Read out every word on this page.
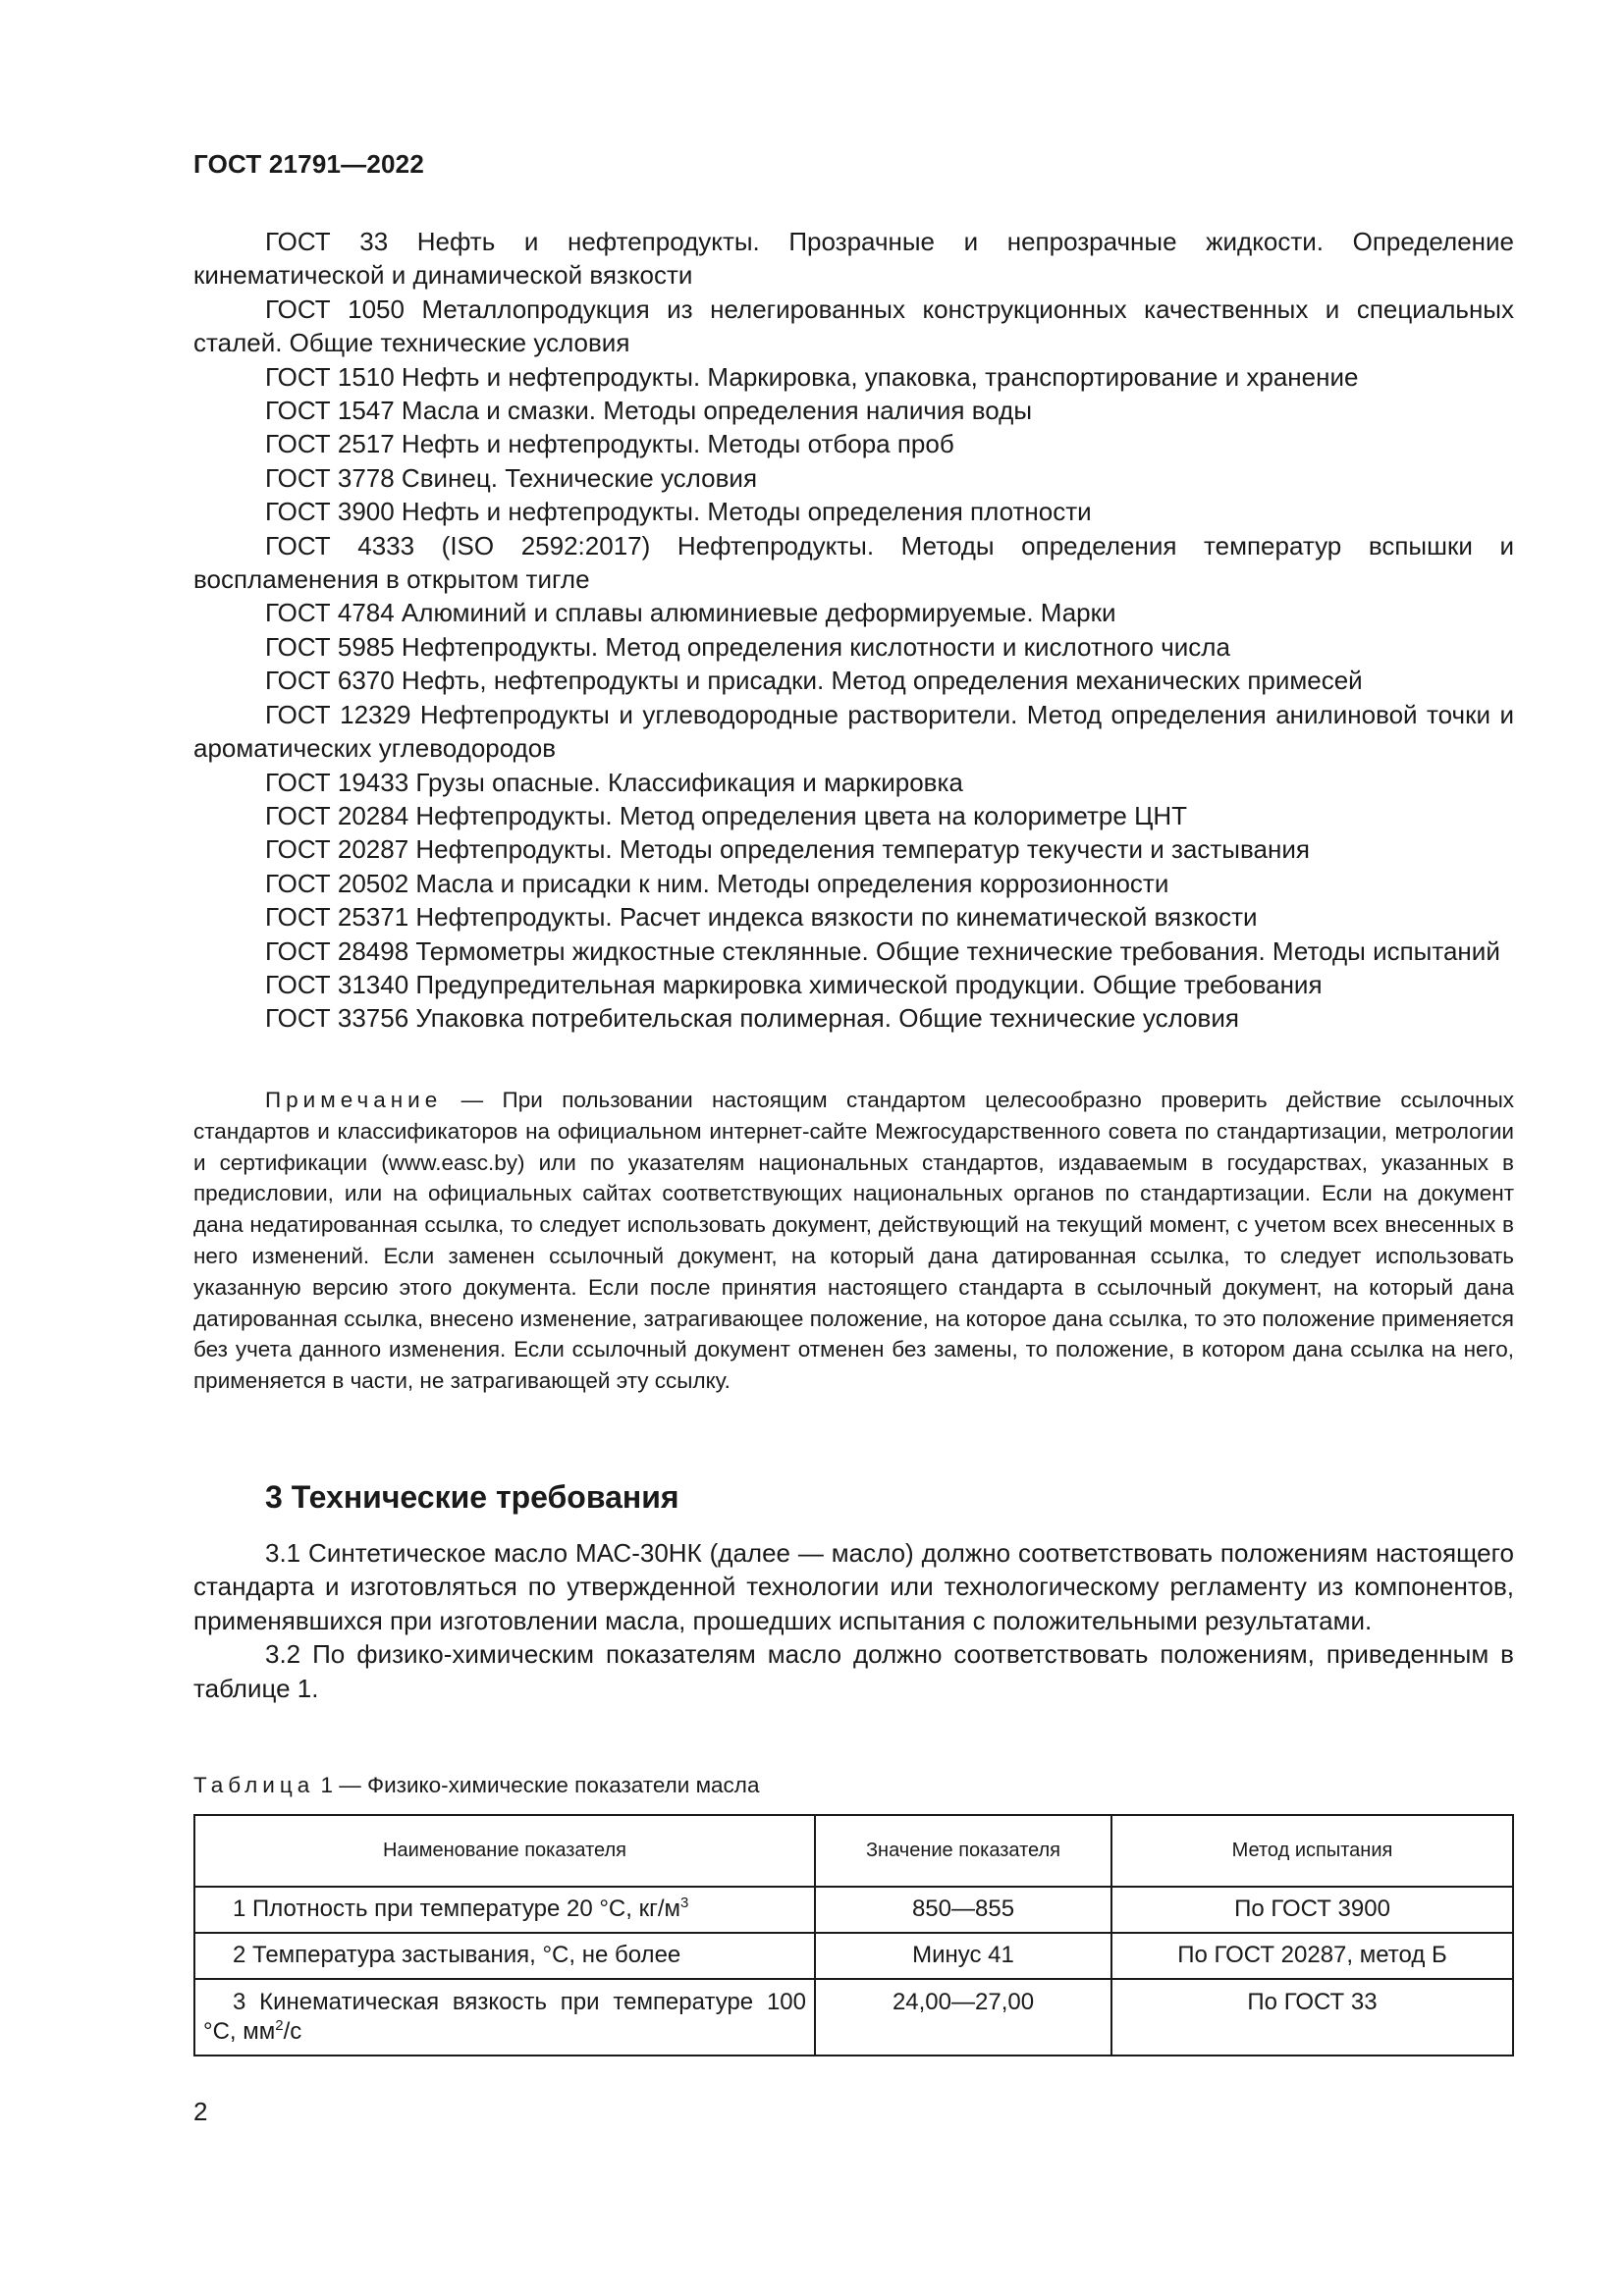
ГОСТ 21791—2022

ГОСТ 33 Нефть и нефтепродукты. Прозрачные и непрозрачные жидкости. Определение кинематической и динамической вязкости

ГОСТ 1050 Металлопродукция из нелегированных конструкционных качественных и специальных сталей. Общие технические условия

ГОСТ 1510 Нефть и нефтепродукты. Маркировка, упаковка, транспортирование и хранение

ГОСТ 1547 Масла и смазки. Методы определения наличия воды

ГОСТ 2517 Нефть и нефтепродукты. Методы отбора проб

ГОСТ 3778 Свинец. Технические условия

ГОСТ 3900 Нефть и нефтепродукты. Методы определения плотности

ГОСТ 4333 (ISO 2592:2017) Нефтепродукты. Методы определения температур вспышки и воспламенения в открытом тигле

ГОСТ 4784 Алюминий и сплавы алюминиевые деформируемые. Марки

ГОСТ 5985 Нефтепродукты. Метод определения кислотности и кислотного числа

ГОСТ 6370 Нефть, нефтепродукты и присадки. Метод определения механических примесей

ГОСТ 12329 Нефтепродукты и углеводородные растворители. Метод определения анилиновой точки и ароматических углеводородов

ГОСТ 19433 Грузы опасные. Классификация и маркировка

ГОСТ 20284 Нефтепродукты. Метод определения цвета на колориметре ЦНТ

ГОСТ 20287 Нефтепродукты. Методы определения температур текучести и застывания

ГОСТ 20502 Масла и присадки к ним. Методы определения коррозионности

ГОСТ 25371 Нефтепродукты. Расчет индекса вязкости по кинематической вязкости

ГОСТ 28498 Термометры жидкостные стеклянные. Общие технические требования. Методы испытаний

ГОСТ 31340 Предупредительная маркировка химической продукции. Общие требования

ГОСТ 33756 Упаковка потребительская полимерная. Общие технические условия

Примечание — При пользовании настоящим стандартом целесообразно проверить действие ссылочных стандартов и классификаторов на официальном интернет-сайте Межгосударственного совета по стандартизации, метрологии и сертификации (www.easc.by) или по указателям национальных стандартов, издаваемым в государствах, указанных в предисловии, или на официальных сайтах соответствующих национальных органов по стандартизации. Если на документ дана недатированная ссылка, то следует использовать документ, действующий на текущий момент, с учетом всех внесенных в него изменений. Если заменен ссылочный документ, на который дана датированная ссылка, то следует использовать указанную версию этого документа. Если после принятия настоящего стандарта в ссылочный документ, на который дана датированная ссылка, внесено изменение, затрагивающее положение, на которое дана ссылка, то это положение применяется без учета данного изменения. Если ссылочный документ отменен без замены, то положение, в котором дана ссылка на него, применяется в части, не затрагивающей эту ссылку.

3 Технические требования

3.1 Синтетическое масло МАС-30НК (далее — масло) должно соответствовать положениям настоящего стандарта и изготовляться по утвержденной технологии или технологическому регламенту из компонентов, применявшихся при изготовлении масла, прошедших испытания с положительными результатами.

3.2 По физико-химическим показателям масло должно соответствовать положениям, приведенным в таблице 1.

Таблица 1 — Физико-химические показатели масла

Наименование показателя	Значение показателя	Метод испытания
1 Плотность при температуре 20 °С, $кг/м^3$	850—855	По ГОСТ 3900
2 Температура застывания, °С, не более	Минус 41	По ГОСТ 20287, метод Б
3 Кинематическая вязкость при температуре 100 °С, $мм^2/с$	24,00—27,00	По ГОСТ 33

2
